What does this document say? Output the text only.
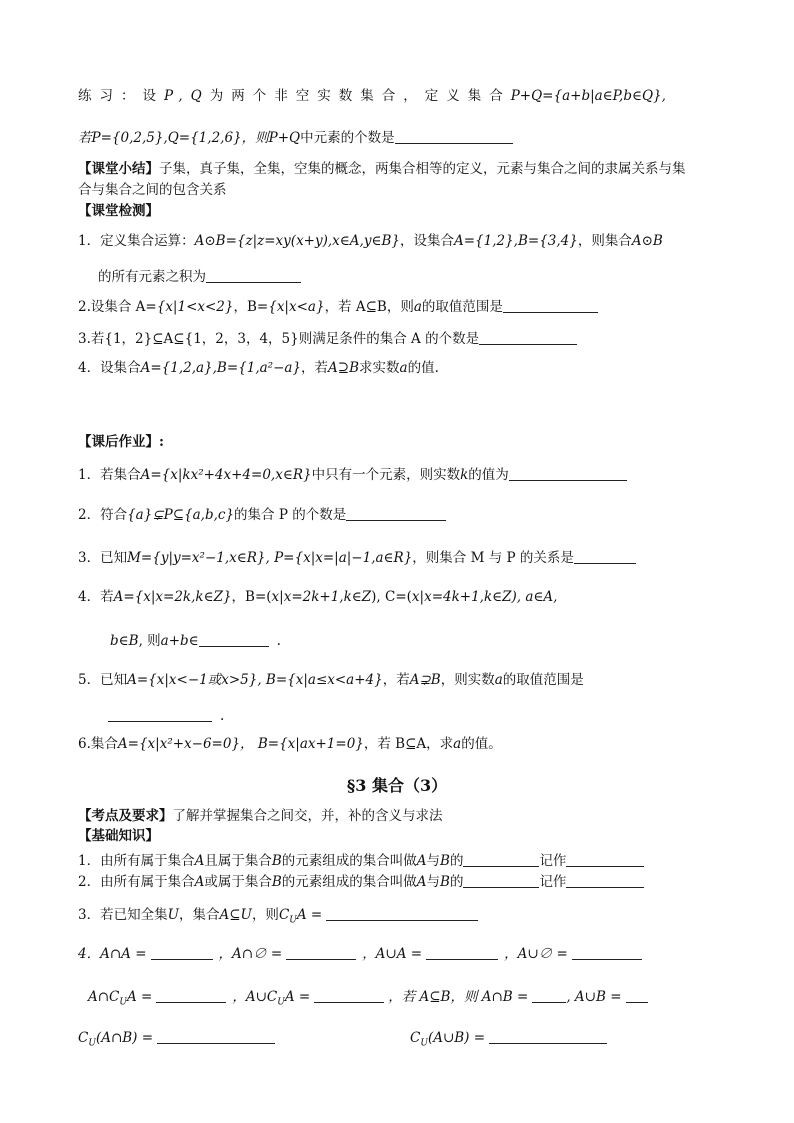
练习：设P,Q为两个非空实数集合，定义集合P+Q={a+b|a∈P,b∈Q},
若P={0,2,5},Q={1,2,6}，则P+Q中元素的个数是
【课堂小结】子集，真子集，全集，空集的概念，两集合相等的定义，元素与集合之间的隶属关系与集
合与集合之间的包含关系
【课堂检测】
1．定义集合运算：A⊙B={z|z=xy(x+y),x∈A,y∈B}，设集合A={1,2},B={3,4}，则集合A⊙B
的所有元素之积为
2.设集合 A={x|1<x<2}，B={x|x<a}，若 A⊆B，则a的取值范围是
3.若{1，2}⊆A⊆{1，2，3，4，5}则满足条件的集合 A 的个数是
4．设集合A={1,2,a},B={1,a²−a}，若A⊇B求实数a的值.
【课后作业】:
1．若集合A={x|kx²+4x+4=0,x∈R}中只有一个元素，则实数k的值为
2．符合{a}⊊P⊆{a,b,c}的集合 P 的个数是
3．已知M={y|y=x²−1,x∈R}, P={x|x=|a|−1,a∈R}，则集合 M 与 P 的关系是
4．若A={x|x=2k,k∈Z}，B=(x|x=2k+1,k∈Z), C=(x|x=4k+1,k∈Z), a∈A,
b∈B, 则a+b∈	.
5．已知A={x|x<−1或x>5}, B={x|a≤x<a+4}，若A⊋B，则实数a的取值范围是
.
6.集合A={x|x²+x−6=0}， B={x|ax+1=0}，若 B⊆A，求a的值。
§3 集合（3）
【考点及要求】了解并掌握集合之间交，并，补的含义与求法
【基础知识】
1．由所有属于集合A且属于集合B的元素组成的集合叫做A与B的	记作
2．由所有属于集合A或属于集合B的元素组成的集合叫做A与B的	记作
3．若已知全集U，集合A⊆U，则$C_UA$ =
4．A∩A =	，A∩∅ =	，A∪A =	，A∪∅ =
$A\cap C_UA$ =	，$A\cup C_UA$ =	，若 A⊆B，则 A∩B =	, A∪B =
$C_U(A\cap B)$ =	$C_U(A\cup B)$ =
